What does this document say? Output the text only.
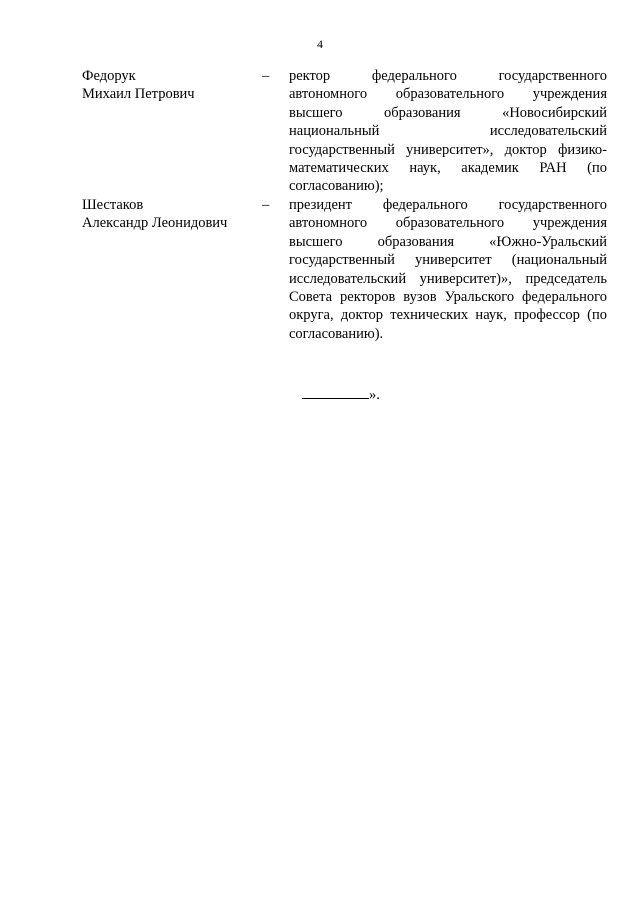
4
Федорук
Михаил Петрович
– ректор федерального государственного автономного образовательного учреждения высшего образования «Новосибирский национальный исследовательский государственный университет», доктор физико-математических наук, академик РАН (по согласованию);
Шестаков
Александр Леонидович
– президент федерального государственного автономного образовательного учреждения высшего образования «Южно-Уральский государственный университет (национальный исследовательский университет)», председатель Совета ректоров вузов Уральского федерального округа, доктор технических наук, профессор (по согласованию).
».
